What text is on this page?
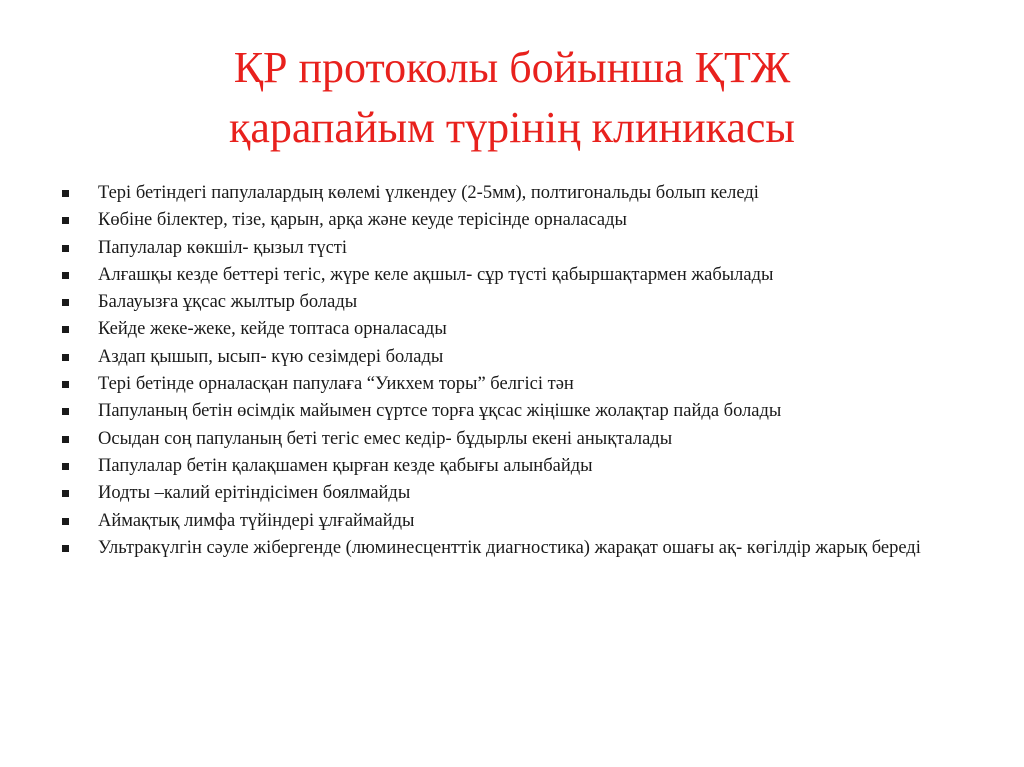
ҚР протоколы бойынша ҚТЖ
қарапайым түрінің клиникасы
Тері бетіндегі папулалардың көлемі үлкендеу (2-5мм), полтигональды болып келеді
Көбіне білектер, тізе, қарын, арқа және кеуде терісінде орналасады
Папулалар көкшіл- қызыл түсті
Алғашқы кезде беттері тегіс, жүре келе ақшыл- сұр түсті қабыршақтармен жабылады
Балауызға ұқсас жылтыр болады
Кейде жеке-жеке, кейде топтаса орналасады
Аздап қышып, ысып- күю сезімдері болады
Тері бетінде орналасқан папулаға “Уикхем торы” белгісі тән
Папуланың бетін өсімдік майымен сүртсе торға ұқсас жіңішке жолақтар пайда болады
Осыдан соң папуланың беті тегіс емес кедір- бұдырлы екені анықталады
Папулалар бетін қалақшамен қырған кезде қабығы алынбайды
Иодты –калий ерітіндісімен боялмайды
Аймақтық лимфа түйіндері ұлғаймайды
Ультракүлгін сәуле жібергенде (люминесценттік диагностика) жарақат ошағы ақ- көгілдір жарық береді
